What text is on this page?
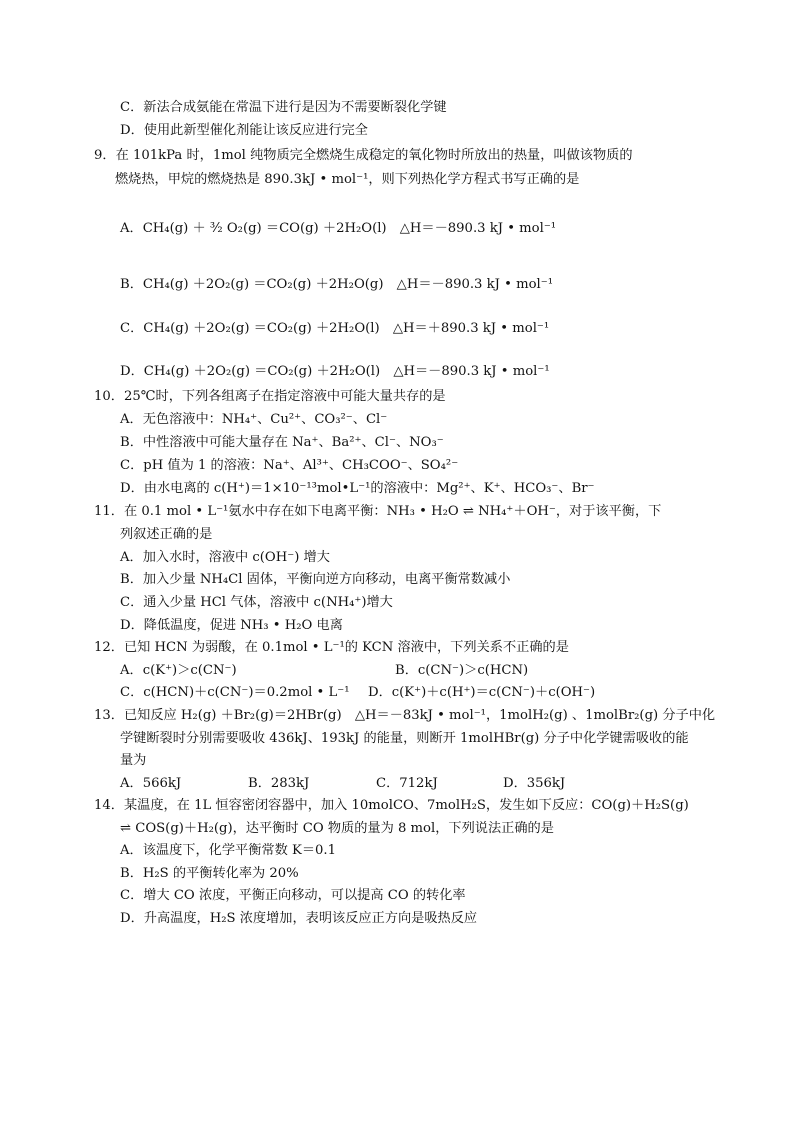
C．新法合成氨能在常温下进行是因为不需要断裂化学键
D．使用此新型催化剂能让该反应进行完全
9．在 101kPa 时，1mol 纯物质完全燃烧生成稳定的氧化物时所放出的热量，叫做该物质的
燃烧热，甲烷的燃烧热是 890.3kJ • mol⁻¹，则下列热化学方程式书写正确的是
A．CH₄(g) ＋ ³⁄₂ O₂(g) ＝CO(g) ＋2H₂O(l)　△H＝－890.3 kJ • mol⁻¹
B．CH₄(g) ＋2O₂(g) ＝CO₂(g) ＋2H₂O(g)　△H＝－890.3 kJ • mol⁻¹
C．CH₄(g) ＋2O₂(g) ＝CO₂(g) ＋2H₂O(l)　△H＝＋890.3 kJ • mol⁻¹
D．CH₄(g) ＋2O₂(g) ＝CO₂(g) ＋2H₂O(l)　△H＝－890.3 kJ • mol⁻¹
10．25℃时，下列各组离子在指定溶液中可能大量共存的是
A．无色溶液中：NH₄⁺、Cu²⁺、CO₃²⁻、Cl⁻
B．中性溶液中可能大量存在 Na⁺、Ba²⁺、Cl⁻、NO₃⁻
C．pH 值为 1 的溶液：Na⁺、Al³⁺、CH₃COO⁻、SO₄²⁻
D．由水电离的 c(H⁺)＝1×10⁻¹³mol•L⁻¹的溶液中：Mg²⁺、K⁺、HCO₃⁻、Br⁻
11．在 0.1 mol • L⁻¹氨水中存在如下电离平衡：NH₃ • H₂O ⇌ NH₄⁺＋OH⁻，对于该平衡，下
列叙述正确的是
A．加入水时，溶液中 c(OH⁻) 增大
B．加入少量 NH₄Cl 固体，平衡向逆方向移动，电离平衡常数减小
C．通入少量 HCl 气体，溶液中 c(NH₄⁺)增大
D．降低温度，促进 NH₃ • H₂O 电离
12．已知 HCN 为弱酸，在 0.1mol • L⁻¹的 KCN 溶液中，下列关系不正确的是
A．c(K⁺)＞c(CN⁻)	B．c(CN⁻)＞c(HCN)
C．c(HCN)＋c(CN⁻)＝0.2mol • L⁻¹ D．c(K⁺)＋c(H⁺)＝c(CN⁻)＋c(OH⁻)
13．已知反应 H₂(g) ＋Br₂(g)＝2HBr(g)　△H＝－83kJ • mol⁻¹，1molH₂(g) 、1molBr₂(g) 分子中化
学键断裂时分别需要吸收 436kJ、193kJ 的能量，则断开 1molHBr(g) 分子中化学键需吸收的能
量为
A．566kJ	B．283kJ	C．712kJ	D．356kJ
14．某温度，在 1L 恒容密闭容器中，加入 10molCO、7molH₂S，发生如下反应：CO(g)＋H₂S(g)
⇌ COS(g)＋H₂(g)，达平衡时 CO 物质的量为 8 mol，下列说法正确的是
A．该温度下，化学平衡常数 K＝0.1
B．H₂S 的平衡转化率为 20%
C．增大 CO 浓度，平衡正向移动，可以提高 CO 的转化率
D．升高温度，H₂S 浓度增加，表明该反应正方向是吸热反应
